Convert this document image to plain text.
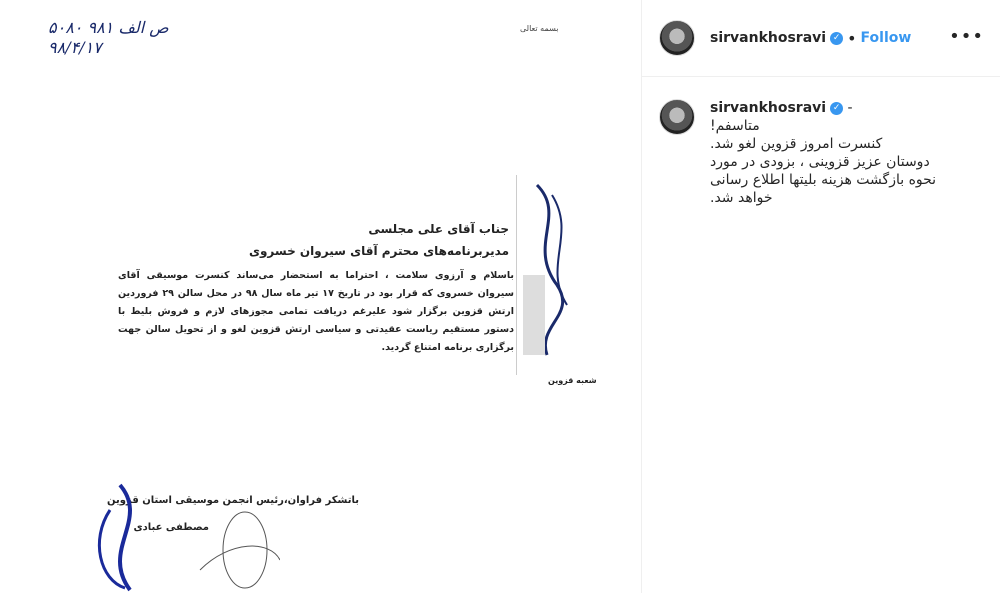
۵۰۸۰ ص الف ۹۸۱
۹۸/۴/۱۷
بسمه تعالی
شعبه قزوین
جناب آقای علی مجلسی
مدیربرنامه‌های محترم آقای سیروان خسروی
باسلام و آرزوی سلامت ، احتراما به استحضار می‌ساند کنسرت موسیقی آقای سیروان خسروی که قرار بود در تاریخ ۱۷ تیر ماه سال ۹۸ در محل سالن ۲۹ فروردین ارتش قزوین برگزار شود علیرغم دریافت تمامی مجوزهای لازم و فروش بلیط با دستور مستقیم ریاست عقیدتی و سیاسی ارتش قزوین لغو و از تحویل سالن جهت برگزاری برنامه امتناع گردید.
باتشکر فراوان،رئیس انجمن موسیقی استان قزوین
مصطفی عبادی
sirvankhosravi ✓ • Follow •••
sirvankhosravi ✓ -
متاسفم!
کنسرت امروز قزوین لغو شد.
دوستان عزیز قزوینی ، بزودی در مورد
نحوه بازگشت هزینه بلیتها اطلاع رسانی
خواهد شد.
